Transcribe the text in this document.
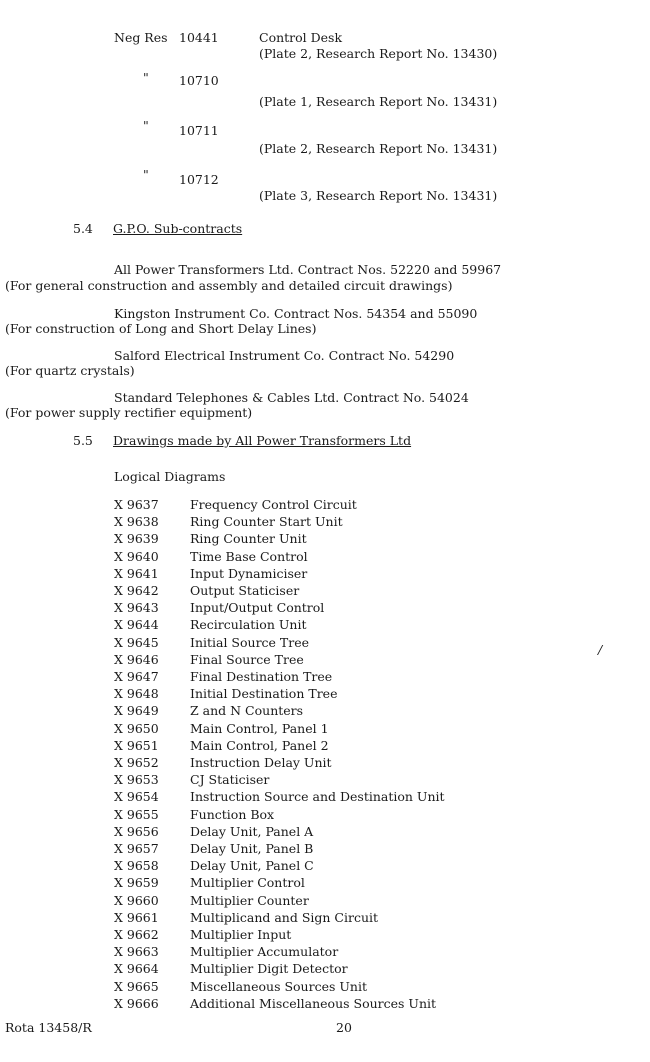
Neg Res 10441	Control Desk
(Plate 2, Research Report No. 13430)
" 10710
(Plate 1, Research Report No. 13431)
" 10711
(Plate 2, Research Report No. 13431)
" 10712
(Plate 3, Research Report No. 13431)
5.4 G.P.O. Sub-contracts
All Power Transformers Ltd. Contract Nos. 52220 and 59967
(For general construction and assembly and detailed circuit drawings)
Kingston Instrument Co. Contract Nos. 54354 and 55090
(For construction of Long and Short Delay Lines)
Salford Electrical Instrument Co. Contract No. 54290
(For quartz crystals)
Standard Telephones & Cables Ltd. Contract No. 54024
(For power supply rectifier equipment)
5.5 Drawings made by All Power Transformers Ltd
Logical Diagrams
X 9637	Frequency Control Circuit
X 9638	Ring Counter Start Unit
X 9639	Ring Counter Unit
X 9640	Time Base Control
X 9641	Input Dynamiciser
X 9642	Output Staticiser
X 9643	Input/Output Control
X 9644	Recirculation Unit
X 9645	Initial Source Tree
X 9646	Final Source Tree
X 9647	Final Destination Tree
X 9648	Initial Destination Tree
X 9649	Z and N Counters
X 9650	Main Control, Panel 1
X 9651	Main Control, Panel 2
X 9652	Instruction Delay Unit
X 9653	CJ Staticiser
X 9654	Instruction Source and Destination Unit
X 9655	Function Box
X 9656	Delay Unit, Panel A
X 9657	Delay Unit, Panel B
X 9658	Delay Unit, Panel C
X 9659	Multiplier Control
X 9660	Multiplier Counter
X 9661	Multiplicand and Sign Circuit
X 9662	Multiplier Input
X 9663	Multiplier Accumulator
X 9664	Multiplier Digit Detector
X 9665	Miscellaneous Sources Unit
X 9666	Additional Miscellaneous Sources Unit
/
Rota 13458/R	20
